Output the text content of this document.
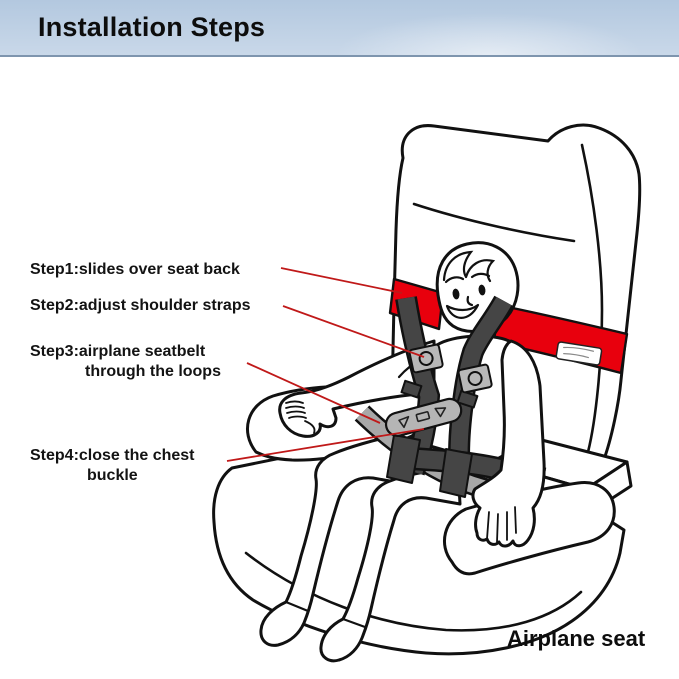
Installation Steps
Step1:slides over seat back
Step2:adjust shoulder straps
Step3:airplane seatbelt
through the loops
Step4:close the chest
buckle
Airplane seat
